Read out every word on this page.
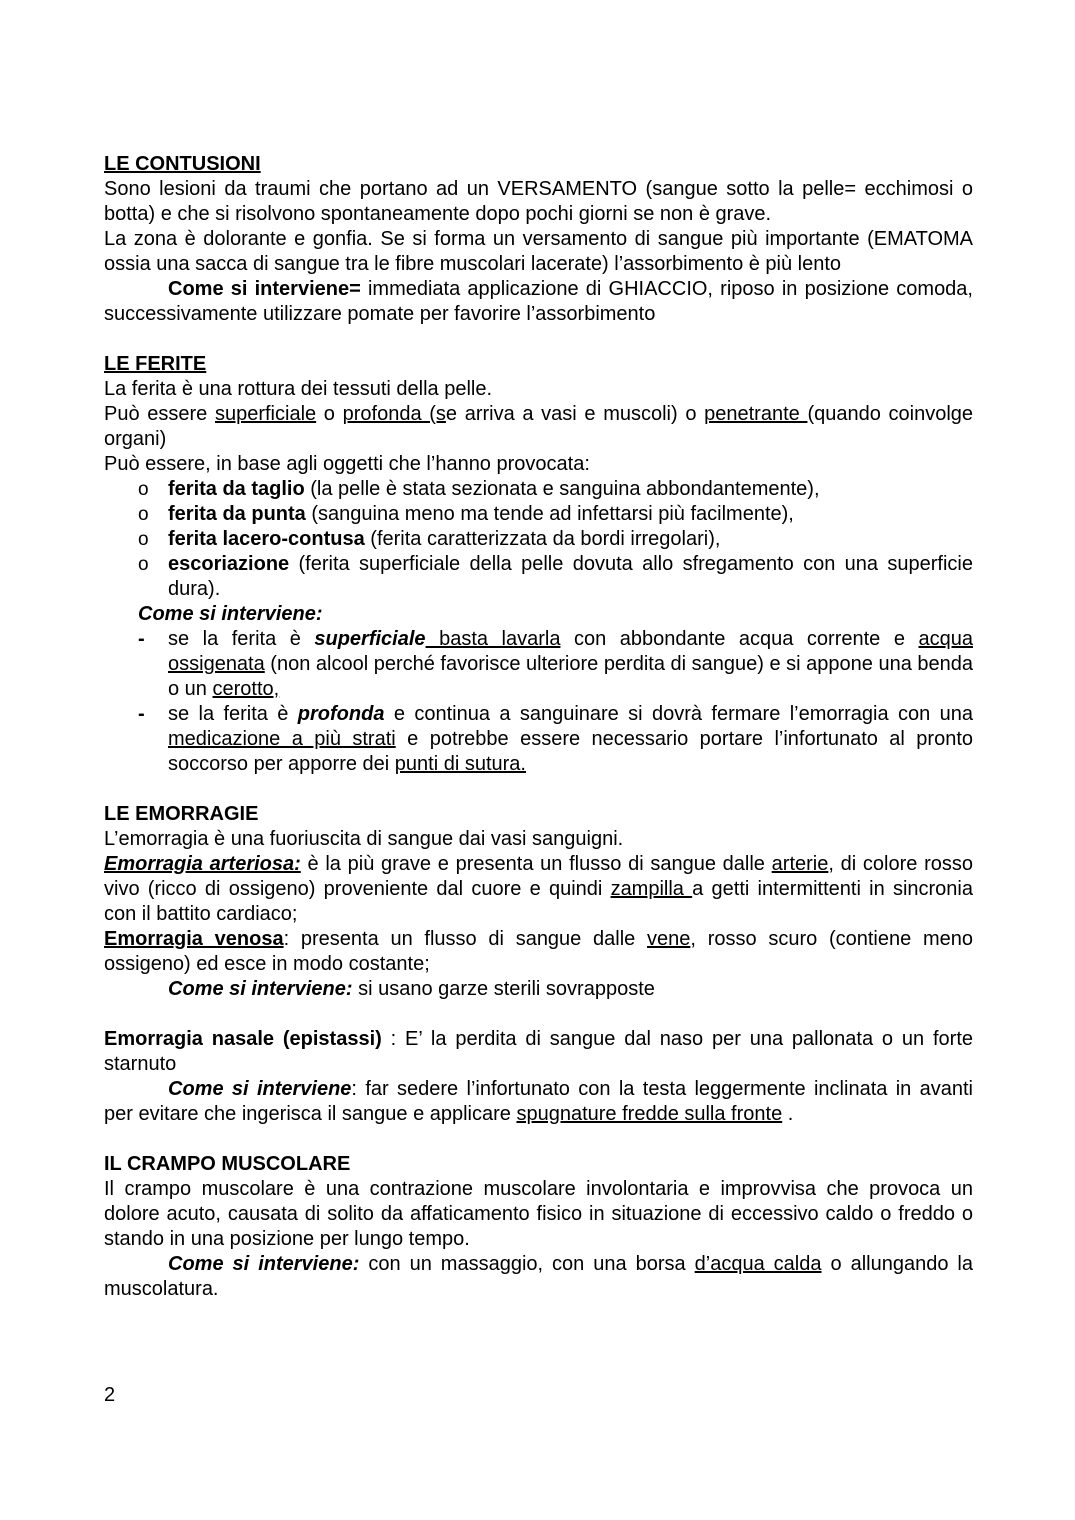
LE CONTUSIONI
Sono lesioni da traumi che portano ad un VERSAMENTO (sangue sotto la pelle= ecchimosi o botta) e che si risolvono spontaneamente dopo pochi giorni se non è grave.
La zona è dolorante e gonfia. Se si forma un versamento di sangue più importante (EMATOMA ossia una sacca di sangue tra le fibre muscolari lacerate) l’assorbimento è più lento
Come si interviene= immediata applicazione di GHIACCIO, riposo in posizione comoda, successivamente utilizzare pomate per favorire l’assorbimento
LE FERITE
La ferita è una rottura dei tessuti della pelle.
Può essere superficiale o profonda (se arriva a vasi e muscoli) o penetrante (quando coinvolge organi)
Può essere, in base agli oggetti che l’hanno provocata:
o ferita da taglio (la pelle è stata sezionata e sanguina abbondantemente),
o ferita da punta (sanguina meno ma tende ad infettarsi più facilmente),
o ferita lacero-contusa (ferita caratterizzata da bordi irregolari),
o escoriazione (ferita superficiale della pelle dovuta allo sfregamento con una superficie dura).
Come si interviene:
- se la ferita è superficiale basta lavarla con abbondante acqua corrente e acqua ossigenata (non alcool perché favorisce ulteriore perdita di sangue) e si appone una benda o un cerotto,
- se la ferita è profonda e continua a sanguinare si dovrà fermare l’emorragia con una medicazione a più strati e potrebbe essere necessario portare l’infortunato al pronto soccorso per apporre dei punti di sutura.
LE EMORRAGIE
L’emorragia è una fuoriuscita di sangue dai vasi sanguigni.
Emorragia arteriosa: è la più grave e presenta un flusso di sangue dalle arterie, di colore rosso vivo (ricco di ossigeno) proveniente dal cuore e quindi zampilla a getti intermittenti in sincronia con il battito cardiaco;
Emorragia venosa: presenta un flusso di sangue dalle vene, rosso scuro (contiene meno ossigeno) ed esce in modo costante;
Come si interviene: si usano garze sterili sovrapposte
Emorragia nasale (epistassi) : E’ la perdita di sangue dal naso per una pallonata o un forte starnuto
Come si interviene: far sedere l’infortunato con la testa leggermente inclinata in avanti per evitare che ingerisca il sangue e applicare spugnature fredde sulla fronte .
IL CRAMPO MUSCOLARE
Il crampo muscolare è una contrazione muscolare involontaria e improvvisa che provoca un dolore acuto, causata di solito da affaticamento fisico in situazione di eccessivo caldo o freddo o stando in una posizione per lungo tempo.
Come si interviene: con un massaggio, con una borsa d’acqua calda o allungando la muscolatura.
2
